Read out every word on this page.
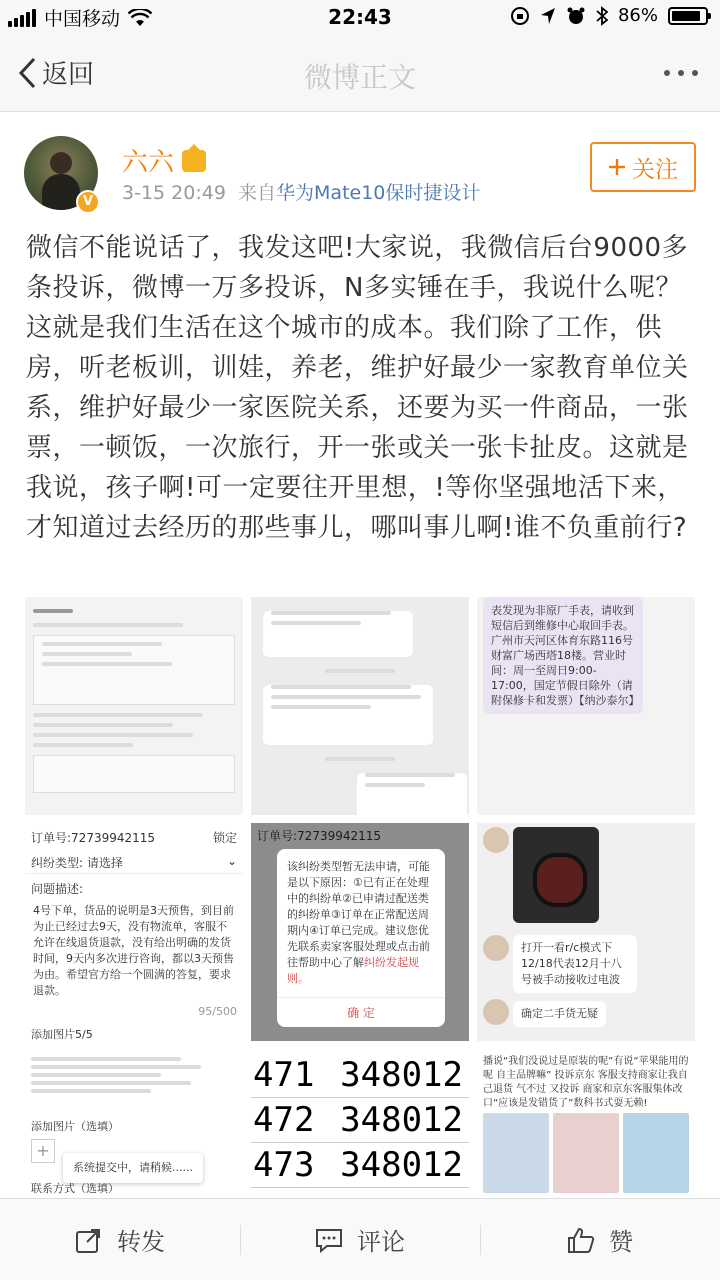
中国移动	22:43	86%
返回	微博正文
V
六六
3-15 20:49 来自华为Mate10保时捷设计
关注
微信不能说话了，我发这吧!大家说，我微信后台9000多条投诉，微博一万多投诉，N多实锤在手，我说什么呢？这就是我们生活在这个城市的成本。我们除了工作，供房，听老板训，训娃，养老，维护好最少一家教育单位关系，维护好最少一家医院关系，还要为买一件商品，一张票，一顿饭，一次旅行，开一张或关一张卡扯皮。这就是我说，孩子啊!可一定要往开里想，!等你坚强地活下来，才知道过去经历的那些事儿，哪叫事儿啊!谁不负重前行?
表发现为非原厂手表，请收到短信后到维修中心取回手表。广州市天河区体育东路116号财富广场西塔18楼。营业时间：周一至周日9:00-17:00，国定节假日除外（请附保修卡和发票）【纳沙泰尔】
订单号:72739942115	锁定
纠纷类型: 请选择	⌄
问题描述:
4号下单，货品的说明是3天预售，到目前为止已经过去9天，没有物流单，客服不允许在线退货退款，没有给出明确的发货时间，9天内多次进行咨询，都以3天预售为由。希望官方给一个圆满的答复，要求退款。
95/500
添加图片5/5
订单号:72739942115
该纠纷类型暂无法申请，可能是以下原因：①已有正在处理中的纠纷单②已申请过配送类的纠纷单③订单在正常配送周期内④订单已完成。建议您优先联系卖家客服处理或点击前往帮助中心了解纠纷发起规则。
确 定
打开一看r/c模式下12/18代表12月十八号被手动接收过电波
确定二手货无疑
添加图片（选填）
+
系统提交中，请稍候......
联系方式（选填）
471 348012
472 348012
473 348012
播说“我们没说过是原装的呢”有说“苹果能用的呢 自主品牌嘛” 投诉京东 客服支持商家让我自己退货 气不过 又投诉 商家和京东客服集体改口“应该是发错货了”数科书式耍无赖!
转发	评论	赞
